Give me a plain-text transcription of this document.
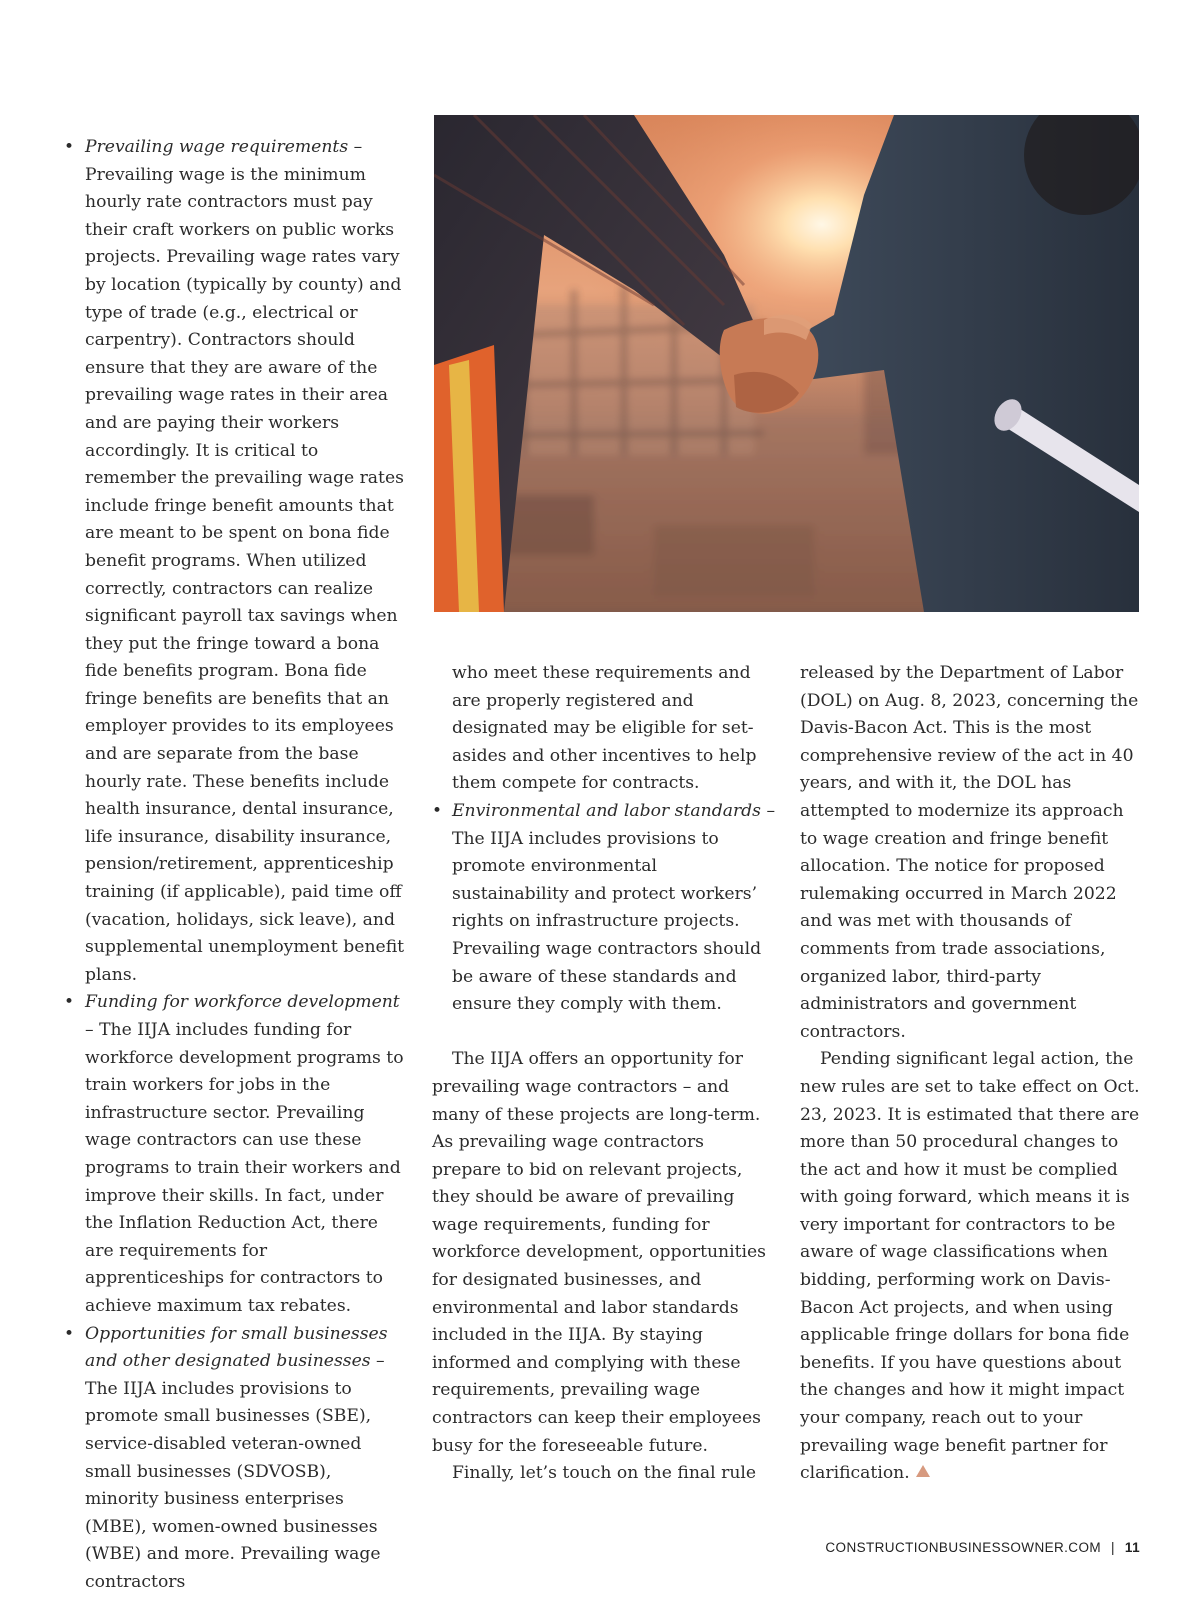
• Prevailing wage requirements – Prevailing wage is the minimum hourly rate contractors must pay their craft workers on public works projects. Prevailing wage rates vary by location (typically by county) and type of trade (e.g., electrical or carpentry). Contractors should ensure that they are aware of the prevailing wage rates in their area and are paying their workers accordingly. It is critical to remember the prevailing wage rates include fringe benefit amounts that are meant to be spent on bona fide benefit programs. When utilized correctly, contractors can realize significant payroll tax savings when they put the fringe toward a bona fide benefits program. Bona fide fringe benefits are benefits that an employer provides to its employees and are separate from the base hourly rate. These benefits include health insurance, dental insurance, life insurance, disability insurance, pension/retirement, apprenticeship training (if applicable), paid time off (vacation, holidays, sick leave), and supplemental unemployment benefit plans.
• Funding for workforce development – The IIJA includes funding for workforce development programs to train workers for jobs in the infrastructure sector. Prevailing wage contractors can use these programs to train their workers and improve their skills. In fact, under the Inflation Reduction Act, there are requirements for apprenticeships for contractors to achieve maximum tax rebates.
• Opportunities for small businesses and other designated businesses – The IIJA includes provisions to promote small businesses (SBE), service-disabled veteran-owned small businesses (SDVOSB), minority business enterprises (MBE), women-owned businesses (WBE) and more. Prevailing wage contractors

who meet these requirements and are properly registered and designated may be eligible for set-asides and other incentives to help them compete for contracts.

• Environmental and labor standards – The IIJA includes provisions to promote environmental sustainability and protect workers’ rights on infrastructure projects. Prevailing wage contractors should be aware of these standards and ensure they comply with them.

The IIJA offers an opportunity for prevailing wage contractors – and many of these projects are long-term. As prevailing wage contractors prepare to bid on relevant projects, they should be aware of prevailing wage requirements, funding for workforce development, opportunities for designated businesses, and environmental and labor standards included in the IIJA. By staying informed and complying with these requirements, prevailing wage contractors can keep their employees busy for the foreseeable future.

Finally, let’s touch on the final rule

released by the Department of Labor (DOL) on Aug. 8, 2023, concerning the Davis-Bacon Act. This is the most comprehensive review of the act in 40 years, and with it, the DOL has attempted to modernize its approach to wage creation and fringe benefit allocation. The notice for proposed rulemaking occurred in March 2022 and was met with thousands of comments from trade associations, organized labor, third-party administrators and government contractors.

Pending significant legal action, the new rules are set to take effect on Oct. 23, 2023. It is estimated that there are more than 50 procedural changes to the act and how it must be complied with going forward, which means it is very important for contractors to be aware of wage classifications when bidding, performing work on Davis-Bacon Act projects, and when using applicable fringe dollars for bona fide benefits. If you have questions about the changes and how it might impact your company, reach out to your prevailing wage benefit partner for clarification.

CONSTRUCTIONBUSINESSOWNER.COM | 11
